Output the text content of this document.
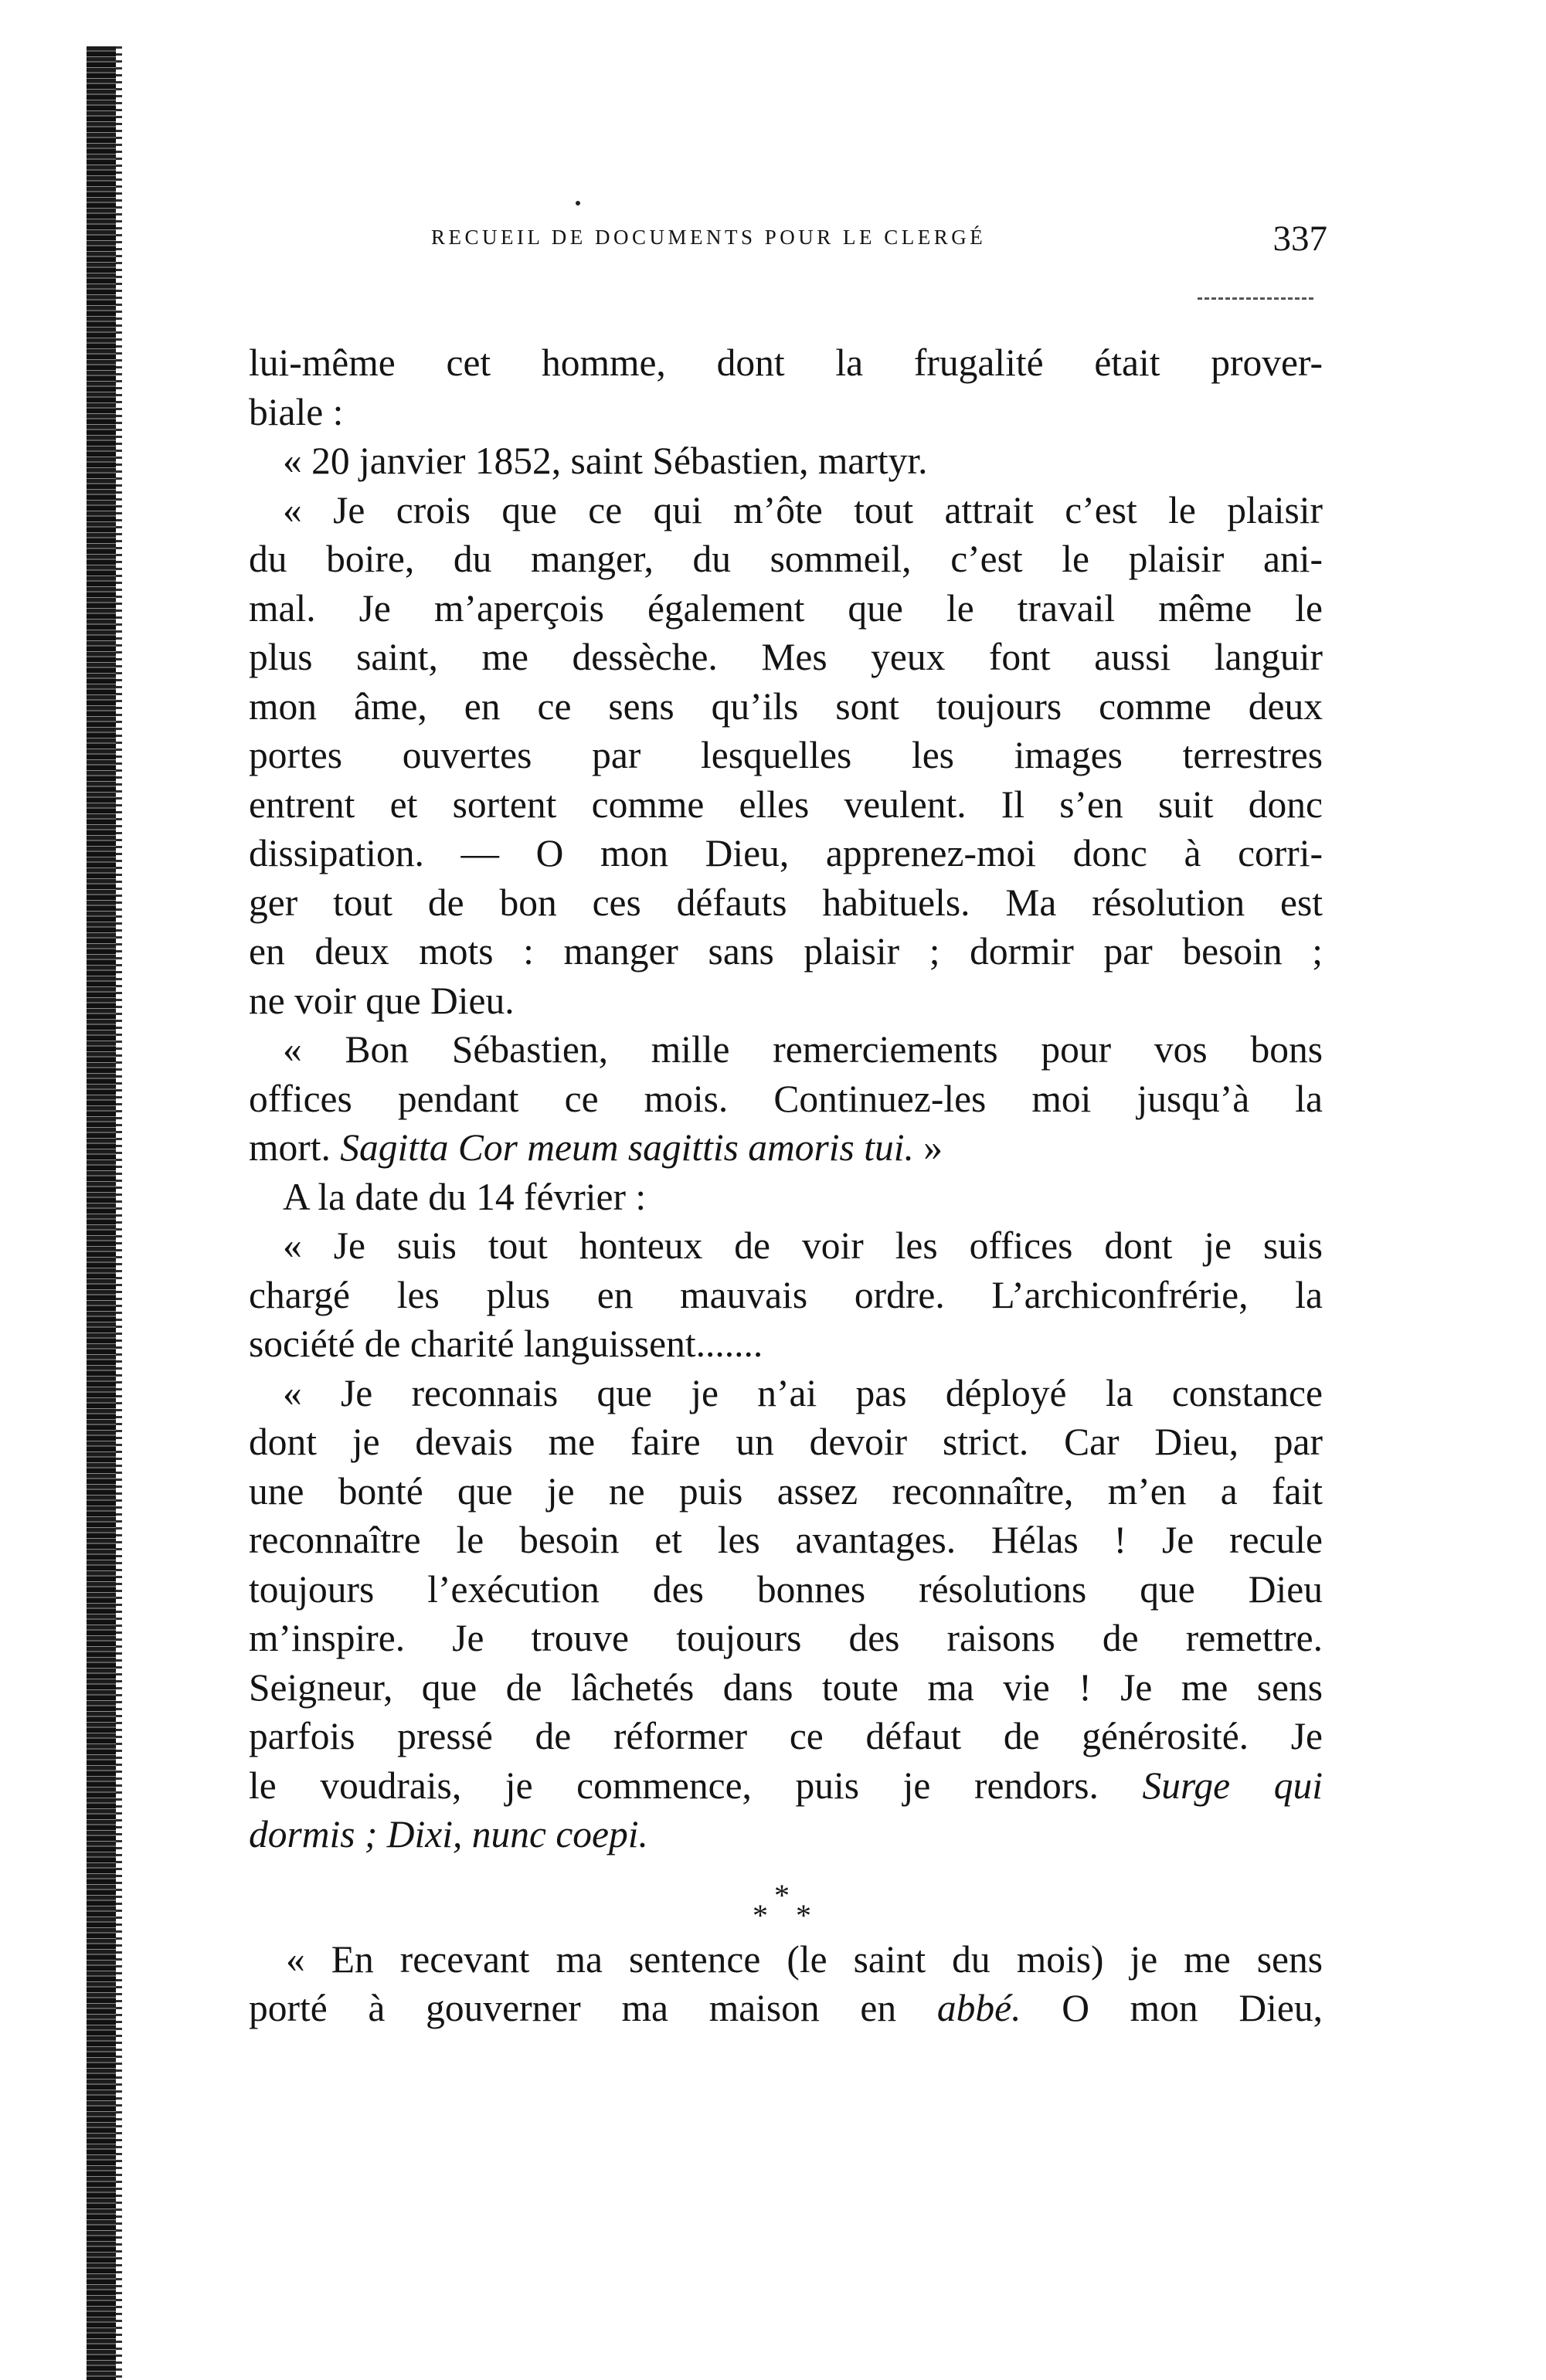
RECUEIL DE DOCUMENTS POUR LE CLERGÉ	337
lui-même cet homme, dont la frugalité était prover-
biale :
« 20 janvier 1852, saint Sébastien, martyr.
« Je crois que ce qui m’ôte tout attrait c’est le plaisir
du boire, du manger, du sommeil, c’est le plaisir ani-
mal. Je m’aperçois également que le travail même le
plus saint, me dessèche. Mes yeux font aussi languir
mon âme, en ce sens qu’ils sont toujours comme deux
portes ouvertes par lesquelles les images terrestres
entrent et sortent comme elles veulent. Il s’en suit donc
dissipation. — O mon Dieu, apprenez-moi donc à corri-
ger tout de bon ces défauts habituels. Ma résolution est
en deux mots : manger sans plaisir ; dormir par besoin ;
ne voir que Dieu.
« Bon Sébastien, mille remerciements pour vos bons
offices pendant ce mois. Continuez-les moi jusqu’à la
mort. Sagitta Cor meum sagittis amoris tui. »
A la date du 14 février :
« Je suis tout honteux de voir les offices dont je suis
chargé les plus en mauvais ordre. L’archiconfrérie, la
société de charité languissent.......
« Je reconnais que je n’ai pas déployé la constance
dont je devais me faire un devoir strict. Car Dieu, par
une bonté que je ne puis assez reconnaître, m’en a fait
reconnaître le besoin et les avantages. Hélas ! Je recule
toujours l’exécution des bonnes résolutions que Dieu
m’inspire. Je trouve toujours des raisons de remettre.
Seigneur, que de lâchetés dans toute ma vie ! Je me sens
parfois pressé de réformer ce défaut de générosité. Je
le voudrais, je commence, puis je rendors. Surge qui
dormis ; Dixi, nunc coepi.
« En recevant ma sentence (le saint du mois) je me sens
porté à gouverner ma maison en abbé. O mon Dieu,
*
* *
